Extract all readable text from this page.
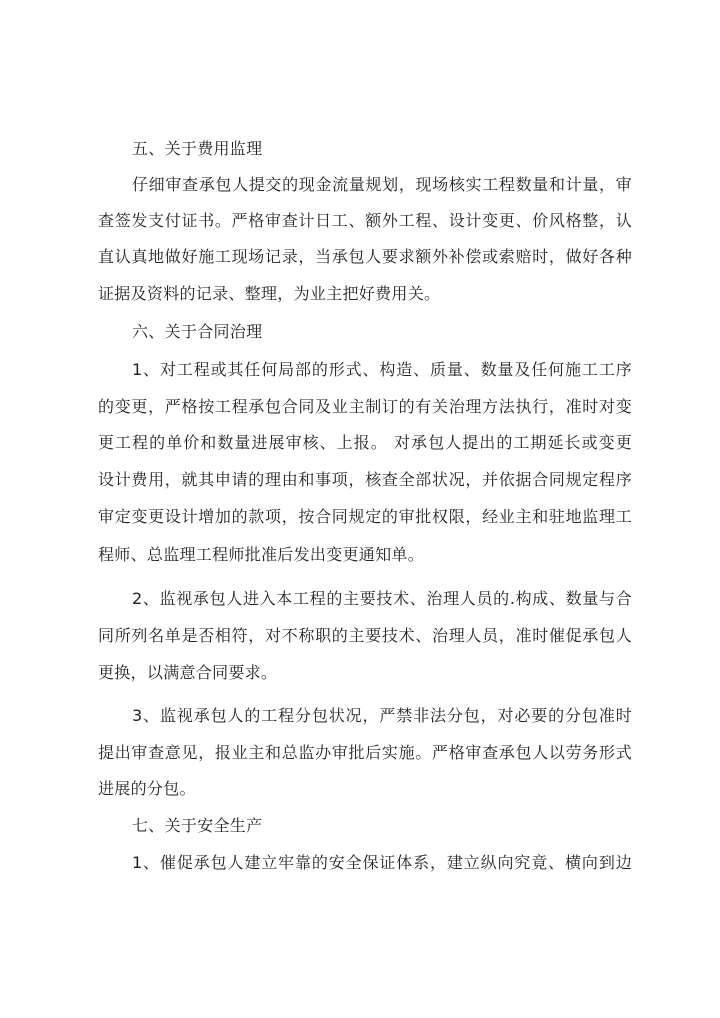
五、关于费用监理
仔细审查承包人提交的现金流量规划，现场核实工程数量和计量，审
查签发支付证书。严格审查计日工、额外工程、设计变更、价风格整，认
直认真地做好施工现场记录，当承包人要求额外补偿或索赔时，做好各种
证据及资料的记录、整理，为业主把好费用关。
六、关于合同治理
1、对工程或其任何局部的形式、构造、质量、数量及任何施工工序
的变更，严格按工程承包合同及业主制订的有关治理方法执行，准时对变
更工程的单价和数量进展审核、上报。 对承包人提出的工期延长或变更
设计费用，就其申请的理由和事项，核查全部状况，并依据合同规定程序
审定变更设计增加的款项，按合同规定的审批权限，经业主和驻地监理工
程师、总监理工程师批准后发出变更通知单。
2、监视承包人进入本工程的主要技术、治理人员的.构成、数量与合
同所列名单是否相符，对不称职的主要技术、治理人员，准时催促承包人
更换，以满意合同要求。
3、监视承包人的工程分包状况，严禁非法分包，对必要的分包准时
提出审查意见，报业主和总监办审批后实施。严格审查承包人以劳务形式
进展的分包。
七、关于安全生产
1、催促承包人建立牢靠的安全保证体系，建立纵向究竟、横向到边
